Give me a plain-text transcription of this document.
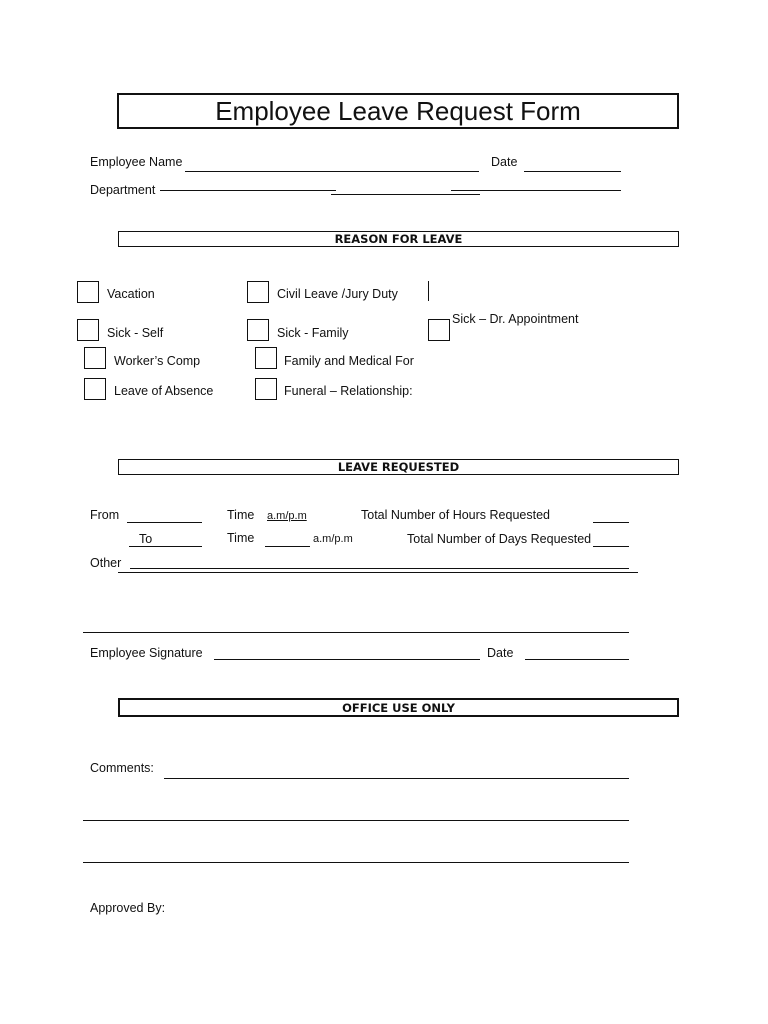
Employee Leave Request Form
Employee Name	Date
Department
REASON FOR LEAVE
Vacation	Civil Leave /Jury Duty
Sick - Self	Sick - Family
Sick – Dr. Appointment
Worker’s Comp	Family and Medical For
Leave of Absence	Funeral – Relationship:
LEAVE REQUESTED
From	Time a.m/p.m	Total Number of Hours Requested
To	Time	a.m/p.m	Total Number of Days Requested
Other
Employee Signature	Date
OFFICE USE ONLY
Comments:
Approved By:
